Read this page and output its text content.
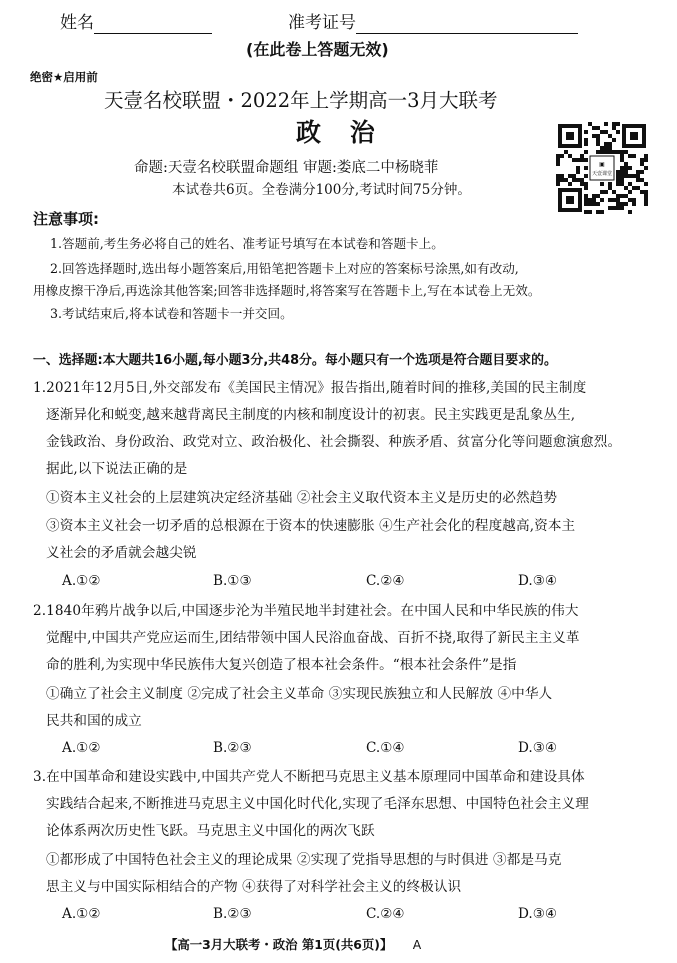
姓名	准考证号
(在此卷上答题无效)
绝密★启用前
天壹名校联盟・2022年上学期高一3月大联考
政 治
命题:天壹名校联盟命题组 审题:娄底二中杨晓菲
本试卷共6页。全卷满分100分,考试时间75分钟。
▣
天壹课堂
注意事项:
1.答题前,考生务必将自己的姓名、准考证号填写在本试卷和答题卡上。
2.回答选择题时,选出每小题答案后,用铅笔把答题卡上对应的答案标号涂黑,如有改动,
用橡皮擦干净后,再选涂其他答案;回答非选择题时,将答案写在答题卡上,写在本试卷上无效。
3.考试结束后,将本试卷和答题卡一并交回。
一、选择题:本大题共16小题,每小题3分,共48分。每小题只有一个选项是符合题目要求的。
1.2021年12月5日,外交部发布《美国民主情况》报告指出,随着时间的推移,美国的民主制度
逐渐异化和蜕变,越来越背离民主制度的内核和制度设计的初衷。民主实践更是乱象丛生,
金钱政治、身份政治、政党对立、政治极化、社会撕裂、种族矛盾、贫富分化等问题愈演愈烈。
据此,以下说法正确的是
①资本主义社会的上层建筑决定经济基础 ②社会主义取代资本主义是历史的必然趋势
③资本主义社会一切矛盾的总根源在于资本的快速膨胀 ④生产社会化的程度越高,资本主
义社会的矛盾就会越尖锐
A.①②	B.①③	C.②④	D.③④
2.1840年鸦片战争以后,中国逐步沦为半殖民地半封建社会。在中国人民和中华民族的伟大
觉醒中,中国共产党应运而生,团结带领中国人民浴血奋战、百折不挠,取得了新民主主义革
命的胜利,为实现中华民族伟大复兴创造了根本社会条件。“根本社会条件”是指
①确立了社会主义制度 ②完成了社会主义革命 ③实现民族独立和人民解放 ④中华人
民共和国的成立
A.①②	B.②③	C.①④	D.③④
3.在中国革命和建设实践中,中国共产党人不断把马克思主义基本原理同中国革命和建设具体
实践结合起来,不断推进马克思主义中国化时代化,实现了毛泽东思想、中国特色社会主义理
论体系两次历史性飞跃。马克思主义中国化的两次飞跃
①都形成了中国特色社会主义的理论成果 ②实现了党指导思想的与时俱进 ③都是马克
思主义与中国实际相结合的产物 ④获得了对科学社会主义的终极认识
A.①②	B.②③	C.②④	D.③④
【高一3月大联考・政治 第1页(共6页)】 A
